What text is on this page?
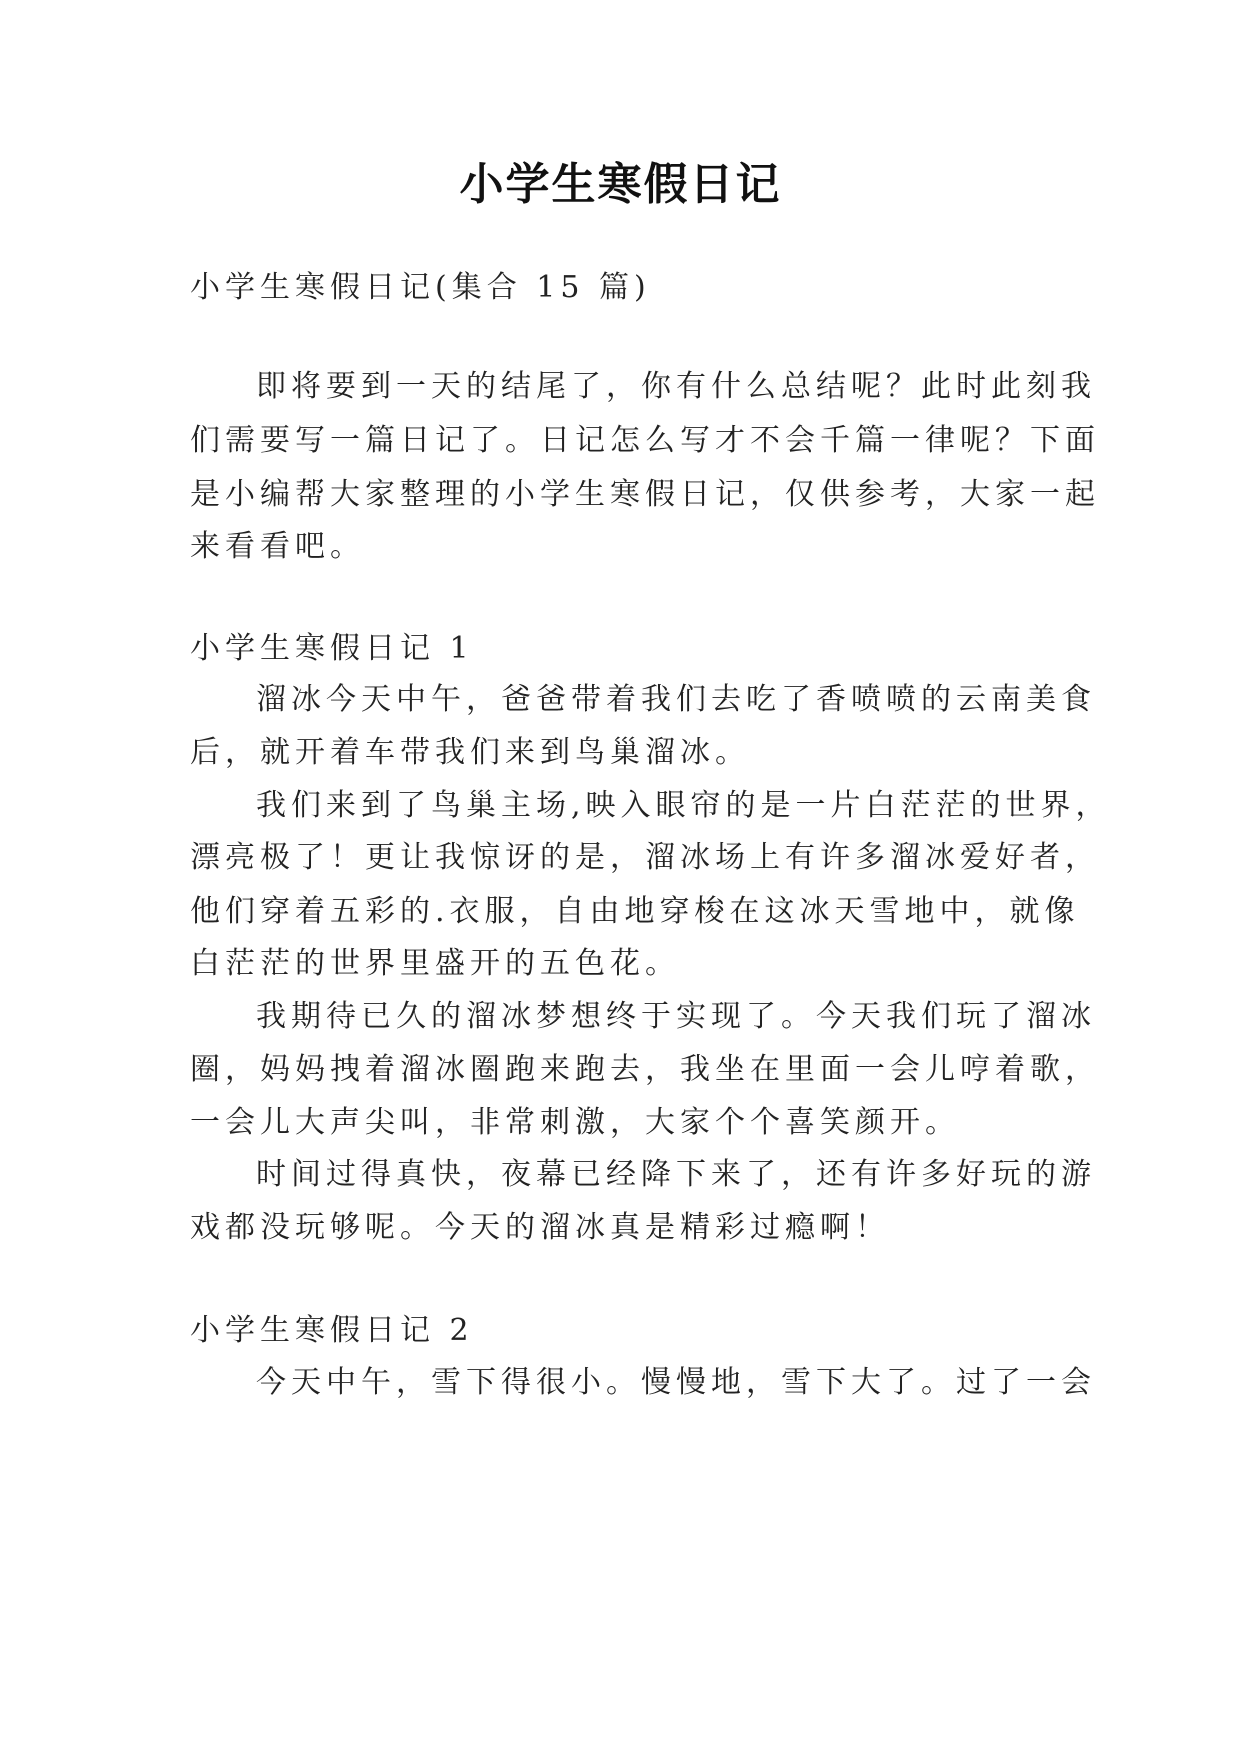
小学生寒假日记
小学生寒假日记(集合 15 篇)
即将要到一天的结尾了，你有什么总结呢？此时此刻我
们需要写一篇日记了。日记怎么写才不会千篇一律呢？下面
是小编帮大家整理的小学生寒假日记，仅供参考，大家一起
来看看吧。
小学生寒假日记 1
溜冰今天中午，爸爸带着我们去吃了香喷喷的云南美食
后，就开着车带我们来到鸟巢溜冰。
我们来到了鸟巢主场,映入眼帘的是一片白茫茫的世界，
漂亮极了！更让我惊讶的是，溜冰场上有许多溜冰爱好者，
他们穿着五彩的.衣服，自由地穿梭在这冰天雪地中，就像
白茫茫的世界里盛开的五色花。
我期待已久的溜冰梦想终于实现了。今天我们玩了溜冰
圈，妈妈拽着溜冰圈跑来跑去，我坐在里面一会儿哼着歌，
一会儿大声尖叫，非常刺激，大家个个喜笑颜开。
时间过得真快，夜幕已经降下来了，还有许多好玩的游
戏都没玩够呢。今天的溜冰真是精彩过瘾啊！
小学生寒假日记 2
今天中午，雪下得很小。慢慢地，雪下大了。过了一会
